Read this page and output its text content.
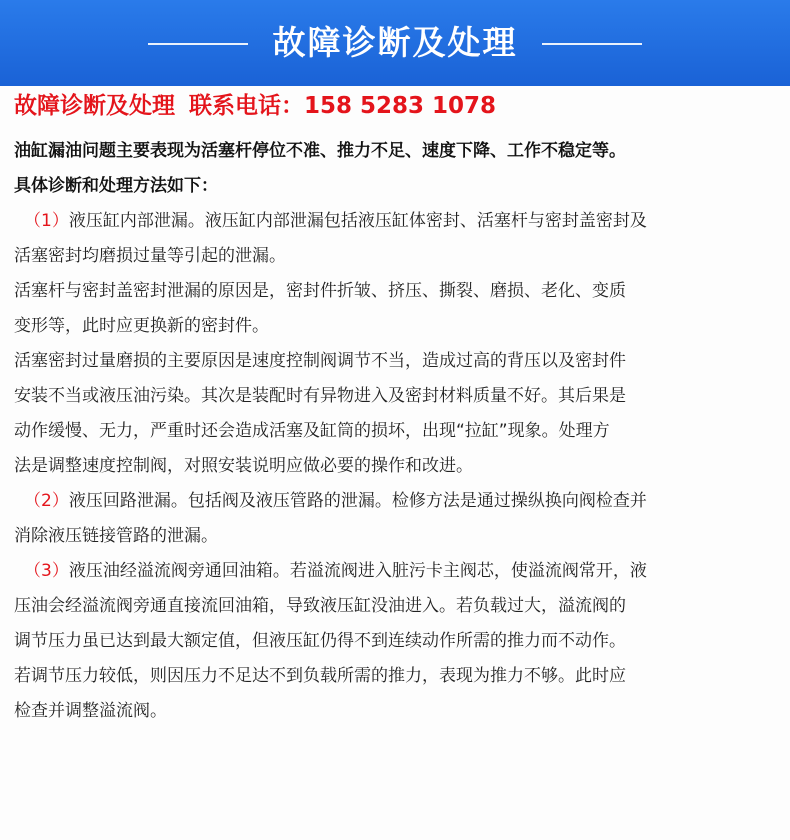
故障诊断及处理
故障诊断及处理 联系电话：158 5283 1078

油缸漏油问题主要表现为活塞杆停位不准、推力不足、速度下降、工作不稳定等。

具体诊断和处理方法如下：

（1）液压缸内部泄漏。液压缸内部泄漏包括液压缸体密封、活塞杆与密封盖密封及

活塞密封均磨损过量等引起的泄漏。

活塞杆与密封盖密封泄漏的原因是，密封件折皱、挤压、撕裂、磨损、老化、变质

变形等，此时应更换新的密封件。

活塞密封过量磨损的主要原因是速度控制阀调节不当，造成过高的背压以及密封件

安装不当或液压油污染。其次是装配时有异物进入及密封材料质量不好。其后果是

动作缓慢、无力，严重时还会造成活塞及缸筒的损坏，出现“拉缸”现象。处理方

法是调整速度控制阀，对照安装说明应做必要的操作和改进。

（2）液压回路泄漏。包括阀及液压管路的泄漏。检修方法是通过操纵换向阀检查并

消除液压链接管路的泄漏。

（3）液压油经溢流阀旁通回油箱。若溢流阀进入脏污卡主阀芯，使溢流阀常开，液

压油会经溢流阀旁通直接流回油箱，导致液压缸没油进入。若负载过大，溢流阀的

调节压力虽已达到最大额定值，但液压缸仍得不到连续动作所需的推力而不动作。

若调节压力较低，则因压力不足达不到负载所需的推力，表现为推力不够。此时应

检查并调整溢流阀。
